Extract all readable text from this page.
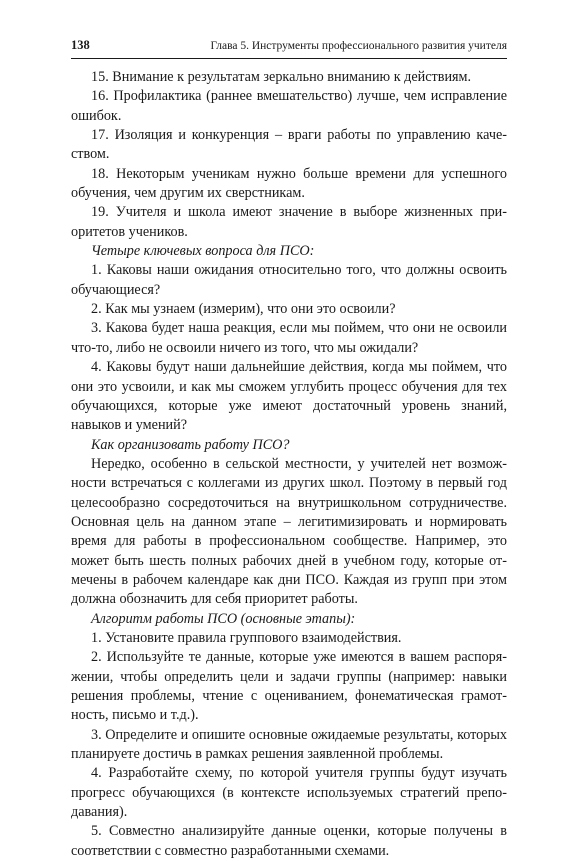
138	Глава 5. Инструменты профессионального развития учителя

15. Внимание к результатам зеркально вниманию к действиям.

16. Профилактика (раннее вмешательство) лучше, чем исправление ошибок.

17. Изоляция и конкуренция – враги работы по управлению качеством.

18. Некоторым ученикам нужно больше времени для успешного обучения, чем другим их сверстникам.

19. Учителя и школа имеют значение в выборе жизненных приоритетов учеников.

Четыре ключевых вопроса для ПСО:

1. Каковы наши ожидания относительно того, что должны освоить обучающиеся?

2. Как мы узнаем (измерим), что они это освоили?

3. Какова будет наша реакция, если мы поймем, что они не освоили что-то, либо не освоили ничего из того, что мы ожидали?

4. Каковы будут наши дальнейшие действия, когда мы поймем, что они это усвоили, и как мы сможем углубить процесс обучения для тех обучающихся, которые уже имеют достаточный уровень знаний, навыков и умений?

Как организовать работу ПСО?

Нередко, особенно в сельской местности, у учителей нет возможности встречаться с коллегами из других школ. Поэтому в первый год целесообразно сосредоточиться на внутришкольном сотрудничестве. Основная цель на данном этапе – легитимизировать и нормировать время для работы в профессиональном сообществе. Например, это может быть шесть полных рабочих дней в учебном году, которые отмечены в рабочем календаре как дни ПСО. Каждая из групп при этом должна обозначить для себя приоритет работы.

Алгоритм работы ПСО (основные этапы):

1. Установите правила группового взаимодействия.

2. Используйте те данные, которые уже имеются в вашем распоряжении, чтобы определить цели и задачи группы (например: навыки решения проблемы, чтение с оцениванием, фонематическая грамотность, письмо и т.д.).

3. Определите и опишите основные ожидаемые результаты, которых планируете достичь в рамках решения заявленной проблемы.

4. Разработайте схему, по которой учителя группы будут изучать прогресс обучающихся (в контексте используемых стратегий преподавания).

5. Совместно анализируйте данные оценки, которые получены в соответствии с совместно разработанными схемами.
